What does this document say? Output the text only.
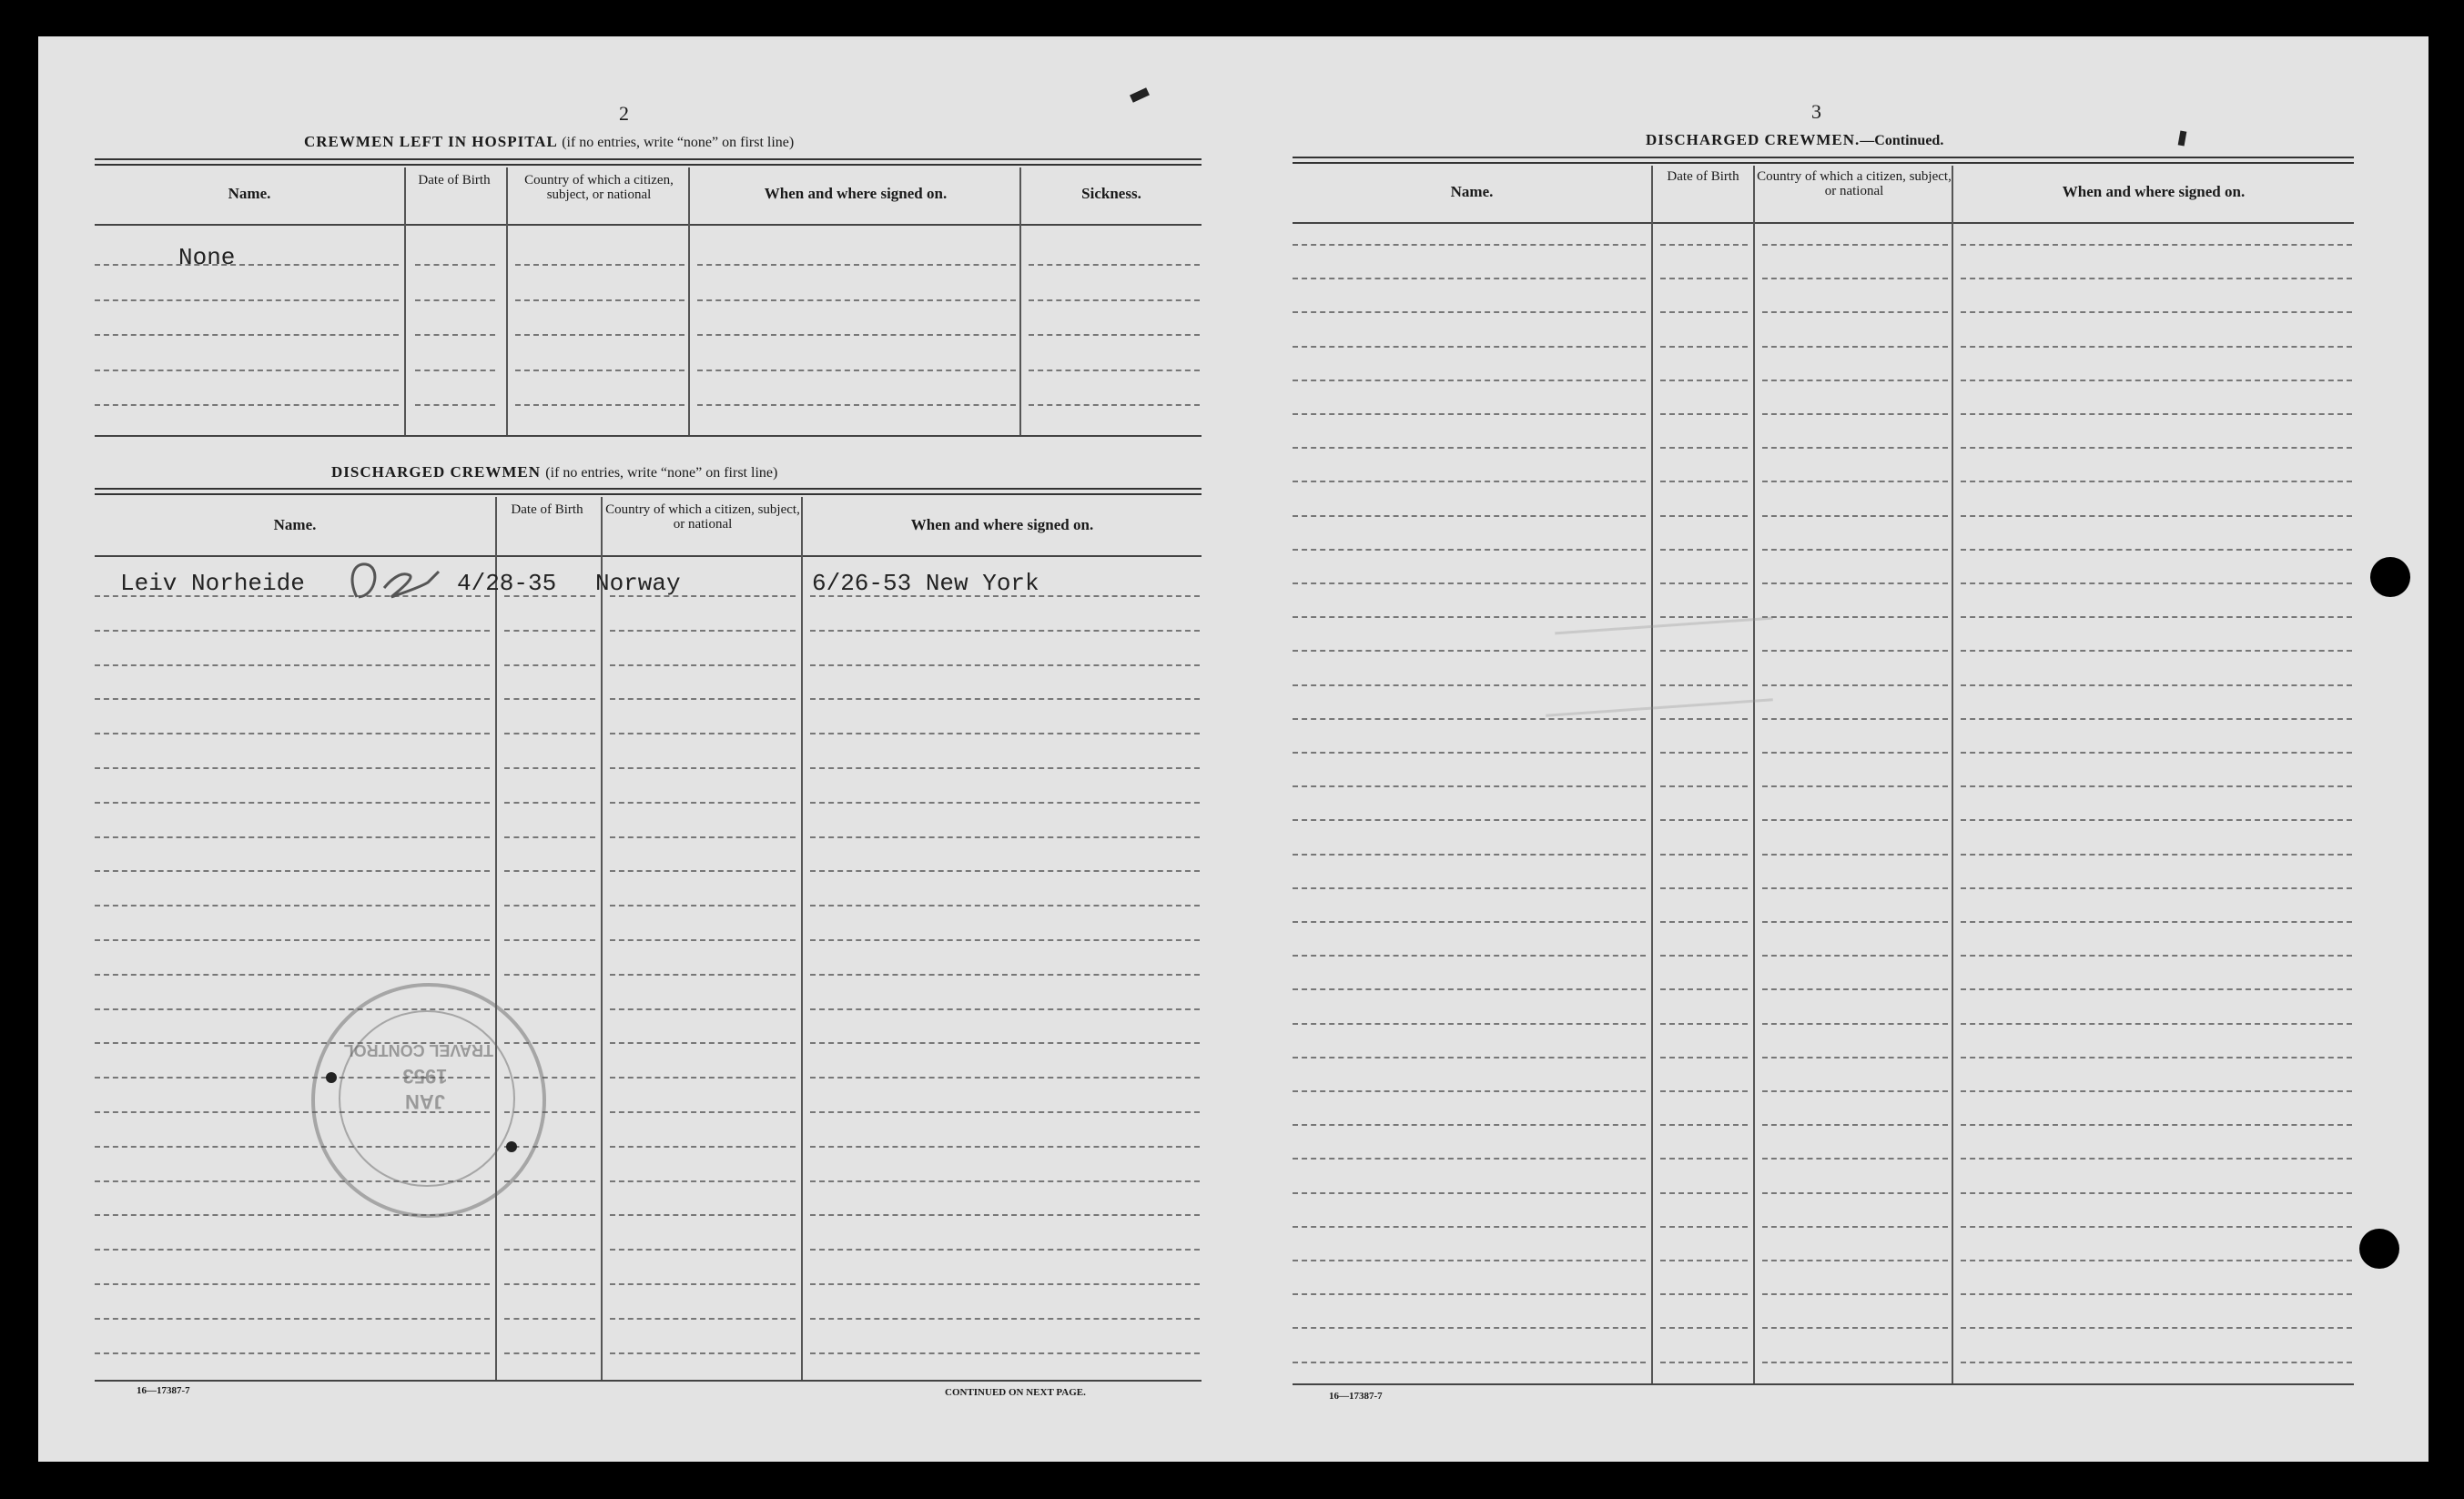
2
CREWMEN LEFT IN HOSPITAL (if no entries, write “none” on first line)
Name.
Date of Birth	Country of which a citizen, subject, or national	When and where signed on.	Sickness.
None
DISCHARGED CREWMEN (if no entries, write “none” on first line)
Name.
Date of Birth	Country of which a citizen, subject, or national	When and where signed on.
Leiv Norheide	4/28-35 Norway	6/26-53 New York
JAN
1953
TRAVEL CONTROL
16—17387-7	CONTINUED ON NEXT PAGE.
3
DISCHARGED CREWMEN.—Continued.
Name.
Date of Birth	Country of which a citizen, subject, or national	When and where signed on.
16—17387-7
